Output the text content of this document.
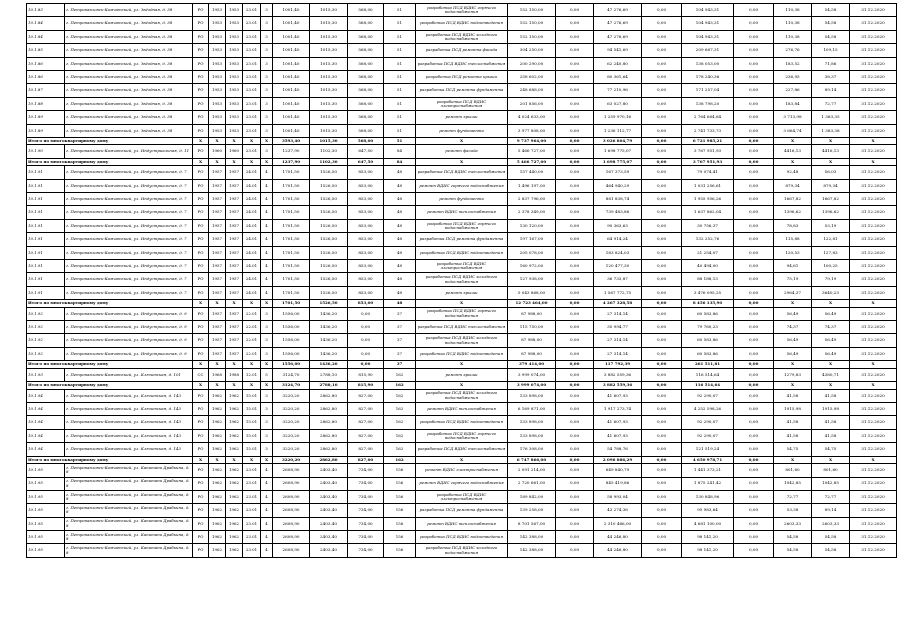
10.1.83	г. Петропавловск-Камчатский, ул. Звёздная, д. 38	РО	1953	1953	23.01	3	1001,40	1015,30	568,00	51	разработка ПСД ВДИС горячего водоснабжения	152 150,00	0,00	47 276,69	0,00	104 943,31	0,00	110,38	54,58	31.12.2020
10.1.84	г. Петропавловск-Камчатский, ул. Звёздная, д. 38	РО	1953	1953	23.01	3	1001,40	1015,30	568,00	51	разработка ПСД ВДИС водоотведения	152 150,00	0,00	47 276,69	0,00	104 943,31	0,00	110,38	54,58	31.12.2020
10.1.84	г. Петропавловск-Камчатский, ул. Звёздная, д. 38	РО	1953	1953	23.01	3	1001,40	1015,30	568,00	51	разработка ПСД ВДИС холодного водоснабжения	152 150,00	0,00	47 276,69	0,00	104 943,31	0,00	110,38	54,58	31.12.2020
10.1.85	г. Петропавловск-Камчатский, ул. Звёздная, д. 38	РО	1953	1953	23.01	3	1001,40	1015,30	568,00	51	разработка ПСД ремонта фасада	304 250,00	0,00	94 541,69	0,00	209 667,31	0,00	276,76	109,15	31.12.2020
10.1.86	г. Петропавловск-Камчатский, ул. Звёздная, д. 38	РО	1953	1953	23.01	3	1001,40	1015,30	568,00	51	разработка ПСД ВДИС теплоснабжения	200 290,00	0,00	62 240,80	0,00	138 053,00	0,00	183,52	71,86	31.12.2020
10.1.86	г. Петропавловск-Камчатский, ул. Звёздная, д. 38	РО	1953	1953	23.01	3	1001,40	1015,30	568,00	51	разработка ПСД ремонта крыши	258 602,00	0,00	80 361,64	0,00	178 240,36	0,00	236,95	38,37	31.12.2020
10.1.87	г. Петропавловск-Камчатский, ул. Звёздная, д. 38	РО	1953	1953	23.01	3	1001,40	1015,30	568,00	51	разработка ПСД ремонта фундамента	248 688,00	0,00	77 210,96	0,00	171 257,04	0,00	227,86	89,14	31.12.2020
10.1.88	г. Петропавловск-Камчатский, ул. Звёздная, д. 38	РО	1953	1953	23.01	3	1001,40	1015,30	568,00	51	разработка ПСД ВДИС электроснабжения	201 856,00	0,00	63 027,80	0,00	138 798,20	0,00	183,84	72,77	31.12.2020
10.1.89	г. Петропавловск-Камчатский, ул. Звёздная, д. 38	РО	1953	1953	23.01	3	1001,40	1015,30	568,00	51	ремонт крыши	4 024 633,00	0,00	1 259 970,16	0,00	2 764 664,84	0,00	3 713,98	1 363,35	31.12.2020
10.1.89	г. Петропавловск-Камчатский, ул. Звёздная, д. 38	РО	1953	1953	23.01	3	1001,40	1015,30	568,00	51	ремонт фундамента	3 977 808,00	0,00	1 236 112,77	0,00	2 741 733,73	0,00	3 664,74	1 383,38	31.12.2020
Итого по многоквартирному дому		X	X	X	X	X	3593,40	1015,30	568,00	51	X	9 737 964,00	0,00	3 026 804,79	0,00	6 721 985,21	0,00	X	X	X
10.1.90	г. Петропавловск-Камчатский, ул. Индустриальная, д. 11	РО	1960	1960	23.01	3	1237,90	1102,30	647,50	84	ремонт фасада	5 466 727,00	0,00	1 698 775,07	0,00	3 767 951,93	0,00	4416,13	4416,13	31.12.2020
Итого по многоквартирному дому		X	X	X	X	X	1237,90	1102,30	647,50	84	X	5 466 727,00	0,00	1 698 775,07	0,00	3 767 951,93	0,00	X	X	X
10.1.91	г. Петропавловск-Камчатский, ул. Индустриальная, д. 7	РО	1957	1957	24.01	4	1701,50	1526,50	853,00	48	разработка ПСД ВДИС теплоснабжения	157 440,00	0,00	167 373,59	0,00	79 074,41	0,00	92,48	56,03	31.12.2020
10.1.91	г. Петропавловск-Камчатский, ул. Индустриальная, д. 7	РО	1957	1957	24.01	4	1701,50	1526,50	853,00	48	ремонт ВДИС горячего водоснабжения	1 496 197,00	0,00	464 940,29	0,00	1 031 256,61	0,00	879,34	879,34	31.12.2020
10.1.91	г. Петропавловск-Камчатский, ул. Индустриальная, д. 7	РО	1957	1957	24.01	4	1701,50	1526,50	853,00	48	ремонт фундамента	2 837 796,00	0,00	881 838,74	0,00	1 955 956,26	0,00	1667,82	1667,82	31.12.2020
10.1.91	г. Петропавловск-Камчатский, ул. Индустриальная, д. 7	РО	1957	1957	24.01	4	1701,50	1526,50	853,00	48	ремонт ВДИС теплоснабжения	2 378 349,00	0,00	739 483,86	0,00	1 637 862,04	0,00	1396,62	1396,62	31.12.2020
10.1.91	г. Петропавловск-Камчатский, ул. Индустриальная, д. 7	РО	1957	1957	24.01	4	1701,50	1526,50	853,00	48	разработка ПСД ВДИС горячего водоснабжения	130 120,00	0,00	90 363,63	0,00	30 756,37	0,00	78,83	53,19	31.12.2020
10.1.91	г. Петропавловск-Камчатский, ул. Индустриальная, д. 7	РО	1957	1957	24.01	4	1701,50	1526,50	853,00	48	разработка ПСД ремонта фундамента	197 167,00	0,00	64 914,24	0,00	132 252,76	0,00	115,88	122,81	31.12.2020
10.1.91	г. Петропавловск-Камчатский, ул. Индустриальная, д. 7	РО	1957	1957	24.01	4	1701,50	1526,50	853,00	48	разработка ПСД ВДИС водоотведения	205 078,00	0,00	183 824,03	0,00	21 254,07	0,00	120,53	127,83	31.12.2020
10.1.91	г. Петропавловск-Камчатский, ул. Индустриальная, д. 7	РО	1957	1957	24.01	4	1701,50	1526,50	853,00	48	разработка ПСД ВДИС электроснабжения	160 972,00	0,00	120 477,30	0,00	40 494,00	0,00	94,61	100,25	31.12.2020
10.1.91	г. Петропавловск-Камчатский, ул. Индустриальная, д. 7	РО	1957	1957	24.01	4	1701,50	1526,50	853,00	48	разработка ПСД ВДИС холодного водоснабжения	127 938,00	0,00	36 733,87	0,00	88 188,13	0,00	75,19	79,19	31.12.2020
10.1.91	г. Петропавловск-Камчатский, ул. Индустриальная, д. 7	РО	1957	1957	24.01	4	1701,50	1526,50	853,00	48	ремонт крыши	5 043 868,00	0,00	1 567 772,75	0,00	3 476 095,25	0,00	2964,37	3640,23	31.12.2020
Итого по многоквартирному дому		X	X	X	X	X	1701,50	1526,50	853,00	48	X	12 723 464,00	0,00	4 267 328,58	0,00	8 456 135,90	0,00	X	X	X
10.1.92	г. Петропавловск-Камчатский, ул. Индустриальная, д. 9	РО	1957	1957	22.01	3	1556,00	1436,20	0,00	37	разработка ПСД ВДИС горячего водоснабжения	87 988,00	0,00	27 314,14	0,00	60 583,86	0,00	56,49	56,49	31.12.2020
10.1.92	г. Петропавловск-Камчатский, ул. Индустриальная, д. 9	РО	1957	1957	22.01	3	1556,00	1436,20	0,00	37	разработка ПСД ВДИС теплоснабжения	115 750,00	0,00	35 994,77	0,00	79 760,23	0,00	74,37	74,37	31.12.2020
10.1.92	г. Петропавловск-Камчатский, ул. Индустриальная, д. 9	РО	1957	1957	22.01	3	1556,00	1436,20	0,00	37	разработка ПСД ВДИС холодного водоснабжения	87 988,00	0,00	27 314,14	0,00	60 583,86	0,00	56,49	56,49	31.12.2020
10.1.92	г. Петропавловск-Камчатский, ул. Индустриальная, д. 9	РО	1957	1957	22.01	3	1556,00	1436,20	0,00	37	разработка ПСД ВДИС водоотведения	87 988,00	0,00	27 314,14	0,00	60 583,86	0,00	56,49	56,49	31.12.2020
Итого по многоквартирному дому		X	X	X	X	X	1556,00	1436,20	0,00	37	X	379 414,00	0,00	117 792,39	0,00	261 511,81	0,00	X	X	X
10.1.93	г. Петропавловск-Камчатский, ул. Ключевская, д. 101	СС	1968	1988	12.01	5	3124,70	2788,10	815,90	162	ремонт крыши	3 999 074,00	0,00	3 882 559,36	0,00	116 514,64	0,00	1279,83	4380,71	31.12.2020
Итого по многоквартирному дому		X	X	X	X	X	3124,70	2788,10	815,90	162	X	3 999 074,00	0,00	3 882 559,36	0,00	116 514,64	0,00	X	X	X
10.1.94	г. Петропавловск-Камчатский, ул. Ключевская, д. 143	РО	1962	1962	15.01	3	3220,20	2862,80	827,00	162	разработка ПСД ВДИС холодного водоснабжения	133 898,00	0,00	41 607,93	0,00	92 290,07	0,00	41,58	41,58	31.12.2020
10.1.94	г. Петропавловск-Камчатский, ул. Ключевская, д. 143	РО	1962	1962	15.01	3	3220,20	2862,80	827,00	162	ремонт ВДИС теплоснабжения	6 169 871,00	0,00	1 917 273,74	0,00	4 252 598,26	0,00	1915,98	1915,98	31.12.2020
10.1.94	г. Петропавловск-Камчатский, ул. Ключевская, д. 143	РО	1962	1962	15.01	3	3220,20	2862,80	827,00	162	разработка ПСД ВДИС водоотведения	133 898,00	0,00	41 607,93	0,00	92 290,07	0,00	41,58	41,58	31.12.2020
10.1.94	г. Петропавловск-Камчатский, ул. Ключевская, д. 143	РО	1962	1962	15.01	3	3220,20	2862,80	827,00	162	разработка ПСД ВДИС горячего водоснабжения	133 898,00	0,00	41 607,93	0,00	92 290,07	0,00	41,58	41,58	31.12.2020
10.1.94	г. Петропавловск-Камчатский, ул. Ключевская, д. 143	РО	1962	1962	15.01	3	3220,20	2862,80	827,00	162	разработка ПСД ВДИС теплоснабжения	176 308,00	0,00	54 788,76	0,00	121 519,24	0,00	54,75	54,75	31.12.2020
Итого по многоквартирному дому		X	X	X	X	X	3220,20	2862,80	827,00	162	X	6 747 866,00	0,00	2 096 886,29	0,00	4 650 978,71	0,00	X	X	X
10.1.95	г. Петропавловск-Камчатский, ул. Капитана Драбкина, д. 8	РО	1962	1962	23.01	4	2608,90	2403,40	734,00	156	ремонт ВДИС электроснабжения	2 091 214,00	0,00	649 840,79	0,00	1 441 373,21	0,00	801,60	801,60	31.12.2020
10.1.95	г. Петропавловск-Камчатский, ул. Капитана Драбкина, д. 8	РО	1962	1962	23.01	4	2608,90	2403,40	734,00	156	ремонт ВДИС горячего водоснабжения	2 720 661,00	0,00	845 419,86	0,00	1 875 241,42	0,00	1042,85	1042,85	31.12.2020
10.1.95	г. Петропавловск-Камчатский, ул. Капитана Драбкина, д. 8	РО	1962	1962	23.01	4	2608,90	2403,40	734,00	156	разработка ПСД ВДИС электроснабжения	189 842,00	0,00	58 993,04	0,00	130 848,96	0,00	72,77	72,77	31.12.2020
10.1.95	г. Петропавловск-Камчатский, ул. Капитана Драбкина, д. 8	РО	1962	1962	23.01	4	2608,90	2403,40	734,00	156	разработка ПСД ремонта фундамента	139 258,00	0,00	43 274,36	0,00	95 983,64	0,00	53,38	89,14	31.12.2020
10.1.95	г. Петропавловск-Камчатский, ул. Капитана Драбкина, д. 8	РО	1962	1962	23.01	4	2608,90	2403,40	734,00	156	ремонт ВДИС теплоснабжения	8 701 567,00	0,00	2 310 466,00	0,00	4 681 100,00	0,00	2603,33	2603,33	31.12.2020
10.1.95	г. Петропавловск-Камчатский, ул. Капитана Драбкина, д. 8	РО	1962	1962	23.01	4	2608,90	2403,40	734,00	156	разработка ПСД ВДИС водоотведения	142 388,00	0,00	44 246,80	0,00	98 141,20	0,00	54,58	54,58	31.12.2020
10.1.95	г. Петропавловск-Камчатский, ул. Капитана Драбкина, д. 8	РО	1962	1962	23.01	4	2608,90	2403,40	734,00	156	разработка ПСД ВДИС холодного водоснабжения	142 388,00	0,00	44 246,80	0,00	98 141,20	0,00	54,58	54,58	31.12.2020
